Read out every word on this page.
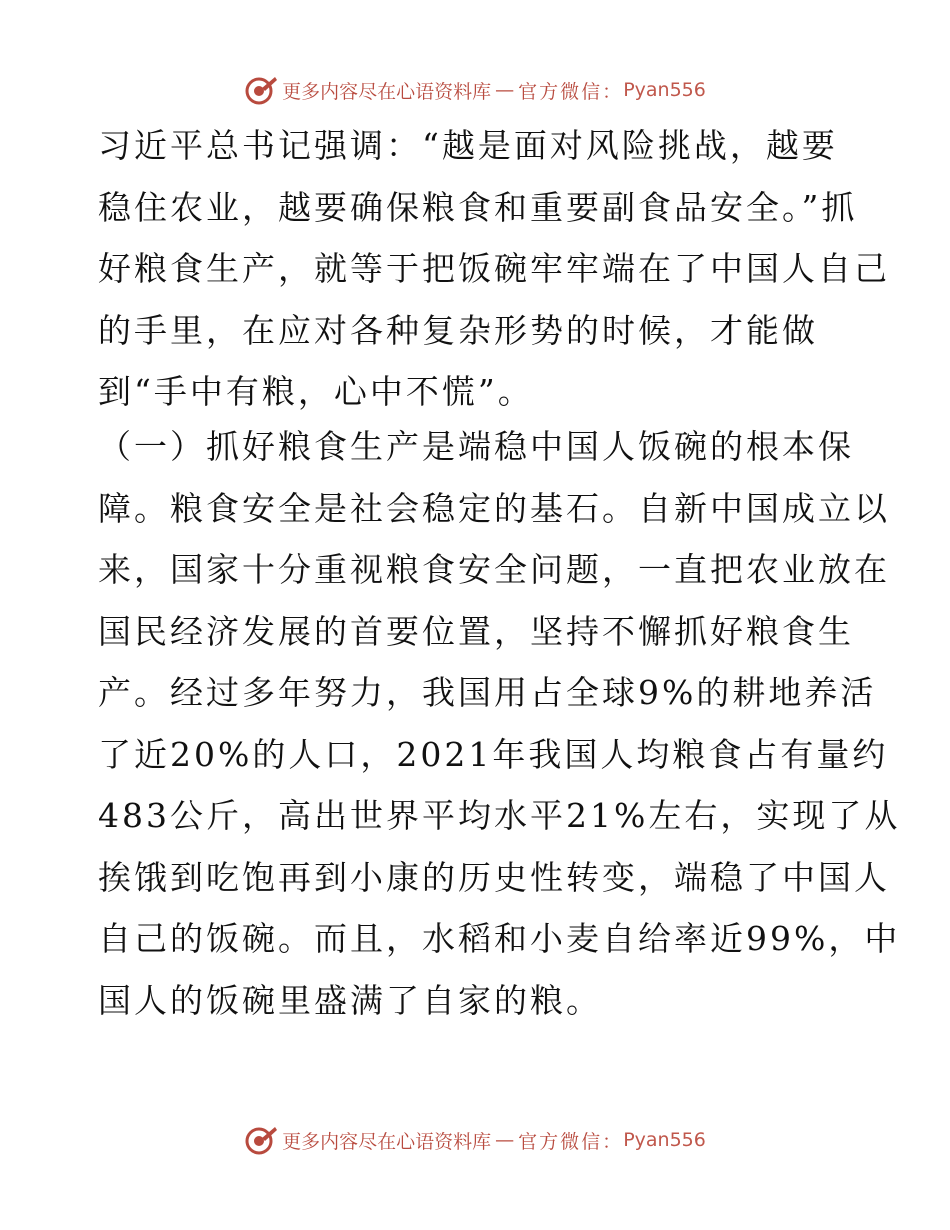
更多内容尽在心语资料库 — 官方微信： Pyan556
习近平总书记强调：“越是面对风险挑战，越要
稳住农业，越要确保粮食和重要副食品安全。”抓
好粮食生产，就等于把饭碗牢牢端在了中国人自己
的手里，在应对各种复杂形势的时候，才能做
到“手中有粮，心中不慌”。
（一）抓好粮食生产是端稳中国人饭碗的根本保
障。粮食安全是社会稳定的基石。自新中国成立以
来，国家十分重视粮食安全问题，一直把农业放在
国民经济发展的首要位置，坚持不懈抓好粮食生
产。经过多年努力，我国用占全球9%的耕地养活
了近20%的人口，2021年我国人均粮食占有量约
483公斤，高出世界平均水平21%左右，实现了从
挨饿到吃饱再到小康的历史性转变，端稳了中国人
自己的饭碗。而且，水稻和小麦自给率近99%，中
国人的饭碗里盛满了自家的粮。
更多内容尽在心语资料库 — 官方微信： Pyan556
